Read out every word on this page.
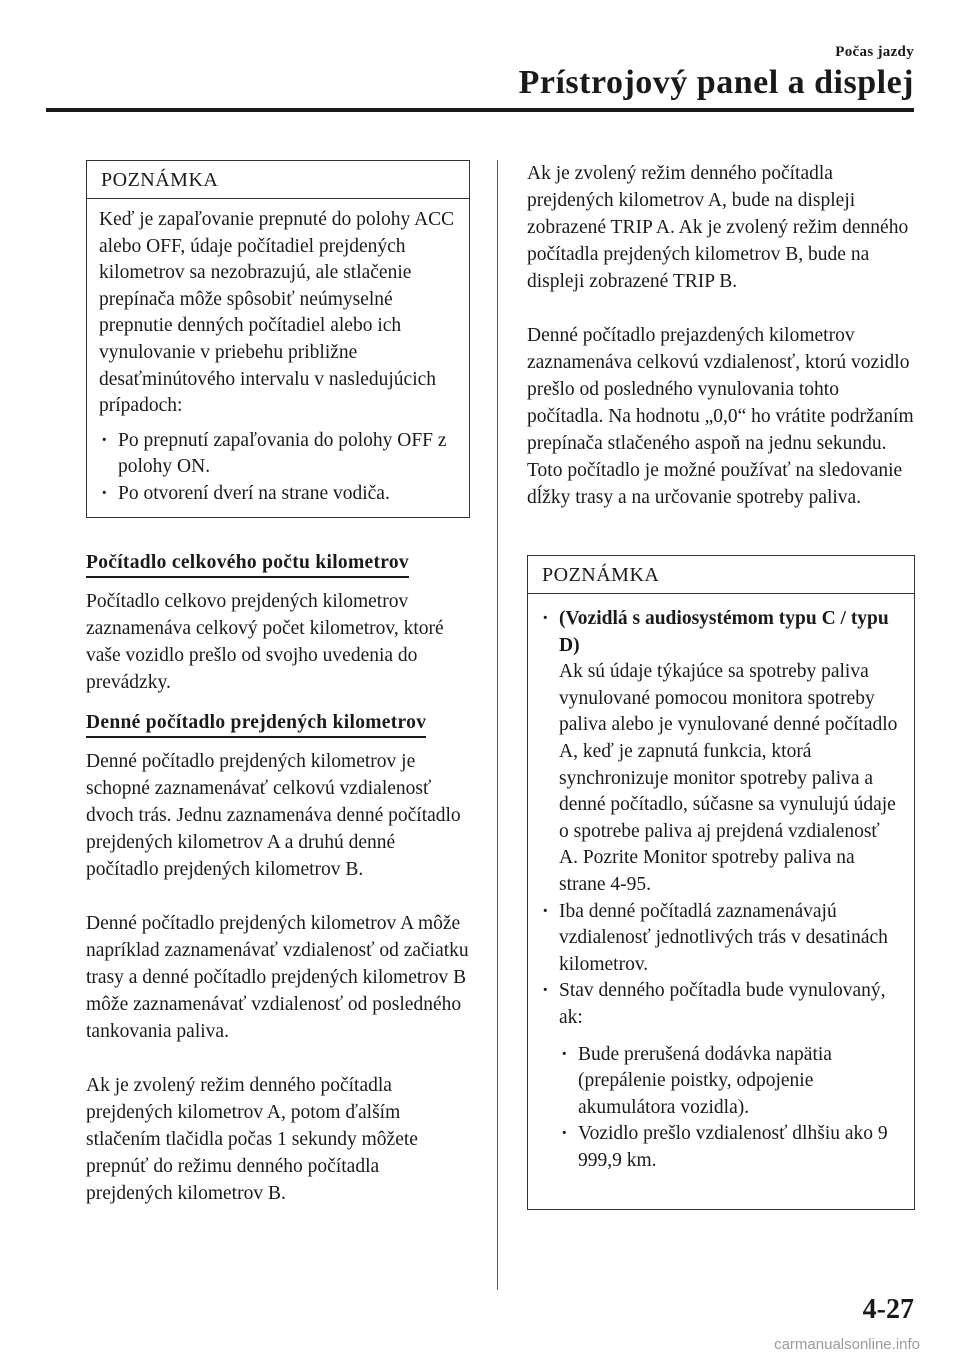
Počas jazdy
Prístrojový panel a displej
POZNÁMKA

Keď je zapaľovanie prepnuté do polohy ACC alebo OFF, údaje počítadiel prejdených kilometrov sa nezobrazujú, ale stlačenie prepínača môže spôsobiť neúmyselné prepnutie denných počítadiel alebo ich vynulovanie v priebehu približne desaťminútového intervalu v nasledujúcich prípadoch:

· Po prepnutí zapaľovania do polohy OFF z polohy ON.
· Po otvorení dverí na strane vodiča.
Počítadlo celkového počtu kilometrov

Počítadlo celkovo prejdených kilometrov zaznamenáva celkový počet kilometrov, ktoré vaše vozidlo prešlo od svojho uvedenia do prevádzky.

Denné počítadlo prejdených kilometrov

Denné počítadlo prejdených kilometrov je schopné zaznamenávať celkovú vzdialenosť dvoch trás. Jednu zaznamenáva denné počítadlo prejdených kilometrov A a druhú denné počítadlo prejdených kilometrov B.

Denné počítadlo prejdených kilometrov A môže napríklad zaznamenávať vzdialenosť od začiatku trasy a denné počítadlo prejdených kilometrov B môže zaznamenávať vzdialenosť od posledného tankovania paliva.

Ak je zvolený režim denného počítadla prejdených kilometrov A, potom ďalším stlačením tlačidla počas 1 sekundy môžete prepnúť do režimu denného počítadla prejdených kilometrov B.

Ak je zvolený režim denného počítadla prejdených kilometrov A, bude na displeji zobrazené TRIP A. Ak je zvolený režim denného počítadla prejdených kilometrov B, bude na displeji zobrazené TRIP B.

Denné počítadlo prejazdených kilometrov zaznamenáva celkovú vzdialenosť, ktorú vozidlo prešlo od posledného vynulovania tohto počítadla. Na hodnotu „0,0“ ho vrátite podržaním prepínača stlačeného aspoň na jednu sekundu. Toto počítadlo je možné používať na sledovanie dĺžky trasy a na určovanie spotreby paliva.

POZNÁMKA
· (Vozidlá s audiosystémom typu C / typu D)
Ak sú údaje týkajúce sa spotreby paliva vynulované pomocou monitora spotreby paliva alebo je vynulované denné počítadlo A, keď je zapnutá funkcia, ktorá synchronizuje monitor spotreby paliva a denné počítadlo, súčasne sa vynulujú údaje o spotrebe paliva aj prejdená vzdialenosť A. Pozrite Monitor spotreby paliva na strane 4-95.
· Iba denné počítadlá zaznamenávajú vzdialenosť jednotlivých trás v desatinách kilometrov.
· Stav denného počítadla bude vynulovaný, ak:
· Bude prerušená dodávka napätia (prepálenie poistky, odpojenie akumulátora vozidla).
· Vozidlo prešlo vzdialenosť dlhšiu ako 9 999,9 km.
4-27
carmanualsonline.info
